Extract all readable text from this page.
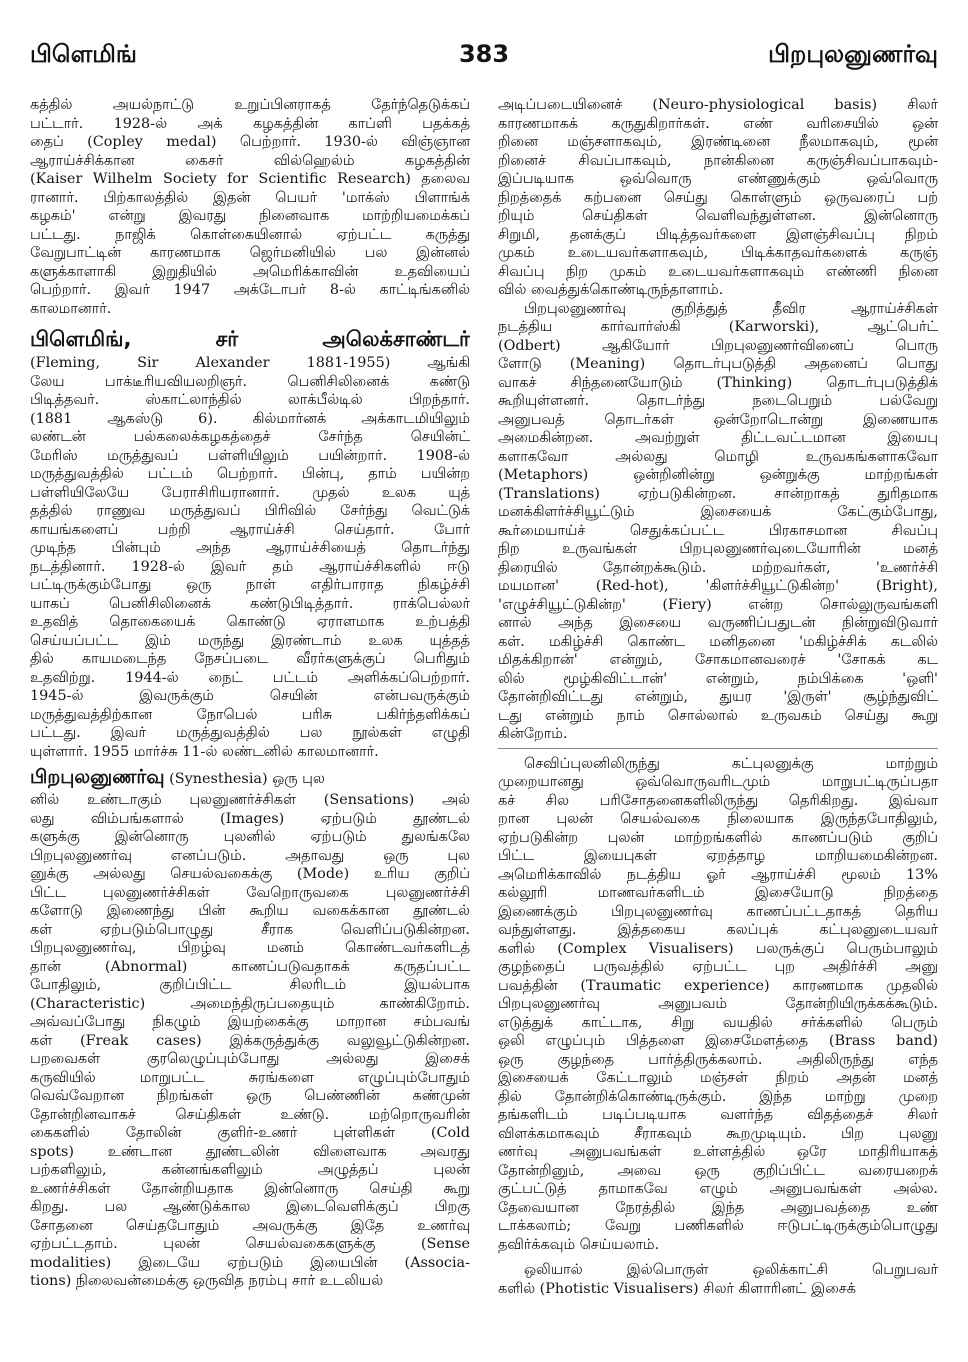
பிளெமிங்	383	பிறபுலனுணர்வு
கத்தில் அயல்நாட்டு உறுப்பினராகத் தேர்ந்தெடுக்கப்
பட்டார். 1928-ல் அக் கழகத்தின் காப்ளி பதக்கத்
தைப் (Copley medal) பெற்றார். 1930-ல் விஞ்ஞான
ஆராய்ச்சிக்கான கைசர் வில்ஹெல்ம் கழகத்தின்
(Kaiser Wilhelm Society for Scientific Research) தலைவ
ரானார். பிற்காலத்தில் இதன் பெயர் 'மாக்ஸ் பிளாங்க்
கழகம்' என்று இவரது நினைவாக மாற்றியமைக்கப்
பட்டது. நாஜிக் கொள்கையினால் ஏற்பட்ட கருத்து
வேறுபாட்டின் காரணமாக ஜெர்மனியில் பல இன்னல்
களுக்காளாகி இறுதியில் அமெரிக்காவின் உதவியைப்
பெற்றார். இவர் 1947 அக்டோபர் 8-ல் காட்டிங்கனில்
காலமானார்.
பிளெமிங், சர் அலெக்சாண்டர்
(Fleming, Sir Alexander 1881-1955) ஆங்கி
லேய பாக்டீரியவியலறிஞர். பெனிசிலினைக் கண்டு
பிடித்தவர். ஸ்காட்லாந்தில் லாக்பீல்டில் பிறந்தார்.
(1881 ஆகஸ்டு 6). கில்மார்னக் அக்காடமியிலும்
லண்டன் பல்கலைக்கழகத்தைச் சேர்ந்த செயின்ட்
மேரிஸ் மருத்துவப் பள்ளியிலும் பயின்றார். 1908-ல்
மருத்துவத்தில் பட்டம் பெற்றார். பின்பு, தாம் பயின்ற
பள்ளியிலேயே பேராசிரியரானார். முதல் உலக யுத்
தத்தில் ராணுவ மருத்துவப் பிரிவில் சேர்ந்து வெட்டுக்
காயங்களைப் பற்றி ஆராய்ச்சி செய்தார். போர்
முடிந்த பின்பும் அந்த ஆராய்ச்சியைத் தொடர்ந்து
நடத்தினார். 1928-ல் இவர் தம் ஆராய்ச்சிகளில் ஈடு
பட்டிருக்கும்போது ஒரு நாள் எதிர்பாராத நிகழ்ச்சி
யாகப் பெனிசிலினைக் கண்டுபிடித்தார். ராக்பெல்லர்
உதவித் தொகையைக் கொண்டு ஏராளமாக உற்பத்தி
செய்யப்பட்ட இம் மருந்து இரண்டாம் உலக யுத்தத்
தில் காயமடைந்த நேசப்படை வீரர்களுக்குப் பெரிதும்
உதவிற்று. 1944-ல் நைட் பட்டம் அளிக்கப்பெற்றார்.
1945-ல் இவருக்கும் செயின் என்பவருக்கும்
மருத்துவத்திற்கான நோபெல் பரிசு பகிர்ந்தளிக்கப்
பட்டது. இவர் மருத்துவத்தில் பல நூல்கள் எழுதி
யுள்ளார். 1955 மார்ச்சு 11-ல் லண்டனில் காலமானார்.
பிறபுலனுணர்வு (Synesthesia) ஒரு புல
னில் உண்டாகும் புலனுணர்ச்சிகள் (Sensations) அல்
லது விம்பங்களால் (Images) ஏற்படும் தூண்டல்
களுக்கு இன்னொரு புலனில் ஏற்படும் துலங்கலே
பிறபுலனுணர்வு எனப்படும். அதாவது ஒரு புல
னுக்கு அல்லது செயல்வகைக்கு (Mode) உரிய குறிப்
பிட்ட புலனுணர்ச்சிகள் வேறொருவகை புலனுணர்ச்சி
களோடு இணைந்து பின் கூறிய வகைக்கான தூண்டல்
கள் ஏற்படும்பொழுது சீராக வெளிப்படுகின்றன.
பிறபுலனுணர்வு, பிறழ்வு மனம் கொண்டவர்களிடத்
தான் (Abnormal) காணப்படுவதாகக் கருதப்பட்ட
போதிலும், குறிப்பிட்ட சிலரிடம் இயல்பாக
(Characteristic) அமைந்திருப்பதையும் காண்கிறோம்.
அவ்வப்போது நிகழும் இயற்கைக்கு மாறான சம்பவங்
கள் (Freak cases) இக்கருத்துக்கு வலுவூட்டுகின்றன.
பறவைகள் குரலெழுப்பும்போது அல்லது இசைக்
கருவியில் மாறுபட்ட சுரங்களை எழுப்பும்போதும்
வெவ்வேறான நிறங்கள் ஒரு பெண்ணின் கண்முன்
தோன்றினவாகச் செய்திகள் உண்டு. மற்றொருவரின்
கைகளில் தோலின் குளிர்-உணர் புள்ளிகள் (Cold
spots) உண்டான தூண்டலின் விளைவாக அவரது
பற்களிலும், கன்னங்களிலும் அழுத்தப் புலன்
உணர்ச்சிகள் தோன்றியதாக இன்னொரு செய்தி கூறு
கிறது. பல ஆண்டுக்கால இடைவெளிக்குப் பிறகு
சோதனை செய்தபோதும் அவருக்கு இதே உணர்வு
ஏற்பட்டதாம். புலன் செயல்வகைகளுக்கு (Sense
modalities) இடையே ஏற்படும் இயைபின் (Associa-
tions) நிலைவன்மைக்கு ஒருவித நரம்பு சார் உடலியல்
அடிப்படையினைச் (Neuro-physiological basis) சிலர்
காரணமாகக் கருதுகிறார்கள். எண் வரிசையில் ஒன்
றினை மஞ்சளாகவும், இரண்டினை நீலமாகவும், மூன்
றினைச் சிவப்பாகவும், நான்கினை கருஞ்சிவப்பாகவும்-
இப்படியாக ஒவ்வொரு எண்ணுக்கும் ஒவ்வொரு
நிறத்தைக் கற்பனை செய்து கொள்ளும் ஒருவரைப் பற்
றியும் செய்திகள் வெளிவந்துள்ளன. இன்னொரு
சிறுமி, தனக்குப் பிடித்தவர்களை இளஞ்சிவப்பு நிறம்
முகம் உடையவர்களாகவும், பிடிக்காதவர்களைக் கருஞ்
சிவப்பு நிற முகம் உடையவர்களாகவும் எண்ணி நினை
வில் வைத்துக்கொண்டிருந்தாளாம்.
பிறபுலனுணர்வு குறித்துத் தீவிர ஆராய்ச்சிகள்
நடத்திய கார்வார்ஸ்கி (Karworski), ஆட்பெர்ட்
(Odbert) ஆகியோர் பிறபுலனுணர்வினைப் பொரு
ளோடு (Meaning) தொடர்புபடுத்தி அதனைப் பொது
வாகச் சிந்தனையோடும் (Thinking) தொடர்புபடுத்திக்
கூறியுள்ளனர். தொடர்ந்து நடைபெறும் பல்வேறு
அனுபவத் தொடர்கள் ஒன்றோடொன்று இணையாக
அமைகின்றன. அவற்றுள் திட்டவட்டமான இயைபு
களாகவோ அல்லது மொழி உருவகங்களாகவோ
(Metaphors) ஒன்றினின்று ஒன்றுக்கு மாற்றங்கள்
(Translations) ஏற்படுகின்றன. சான்றாகத் துரிதமாக
மனக்கிளர்ச்சியூட்டும் இசையைக் கேட்கும்போது,
கூர்மையாய்ச் செதுக்கப்பட்ட பிரகாசமான சிவப்பு
நிற உருவங்கள் பிறபுலனுணர்வுடையோரின் மனத்
திரையில் தோன்றக்கூடும். மற்றவர்கள், 'உணர்ச்சி
மயமான' (Red-hot), 'கிளர்ச்சியூட்டுகின்ற' (Bright),
'எழுச்சியூட்டுகின்ற' (Fiery) என்ற சொல்லுருவங்களி
னால் அந்த இசையை வருணிப்பதுடன் நின்றுவிடுவார்
கள். மகிழ்ச்சி கொண்ட மனிதனை 'மகிழ்ச்சிக் கடலில்
மிதக்கிறான்' என்றும், சோகமானவரைச் 'சோகக் கட
லில் மூழ்கிவிட்டான்' என்றும், நம்பிக்கை 'ஒளி'
தோன்றிவிட்டது என்றும், துயர 'இருள்' சூழ்ந்துவிட்
டது என்றும் நாம் சொல்லால் உருவகம் செய்து கூறு
கின்றோம்.
செவிப்புலனிலிருந்து கட்புலனுக்கு மாற்றும்
முறையானது ஒவ்வொருவரிடமும் மாறுபட்டிருப்பதா
கச் சில பரிசோதனைகளிலிருந்து தெரிகிறது. இவ்வா
றான புலன் செயல்வகை நிலையாக இருந்தபோதிலும்,
ஏற்படுகின்ற புலன் மாற்றங்களில் காணப்படும் குறிப்
பிட்ட இயைபுகள் ஏறத்தாழ மாறியமைகின்றன.
அமெரிக்காவில் நடத்திய ஓர் ஆராய்ச்சி மூலம் 13%
கல்லூரி மாணவர்களிடம் இசையோடு நிறத்தை
இணைக்கும் பிறபுலனுணர்வு காணப்பட்டதாகத் தெரிய
வந்துள்ளது. இத்தகைய கலப்புக் கட்புலனுடையவர்
களில் (Complex Visualisers) பலருக்குப் பெரும்பாலும்
குழந்தைப் பருவத்தில் ஏற்பட்ட புற அதிர்ச்சி அனு
பவத்தின் (Traumatic experience) காரணமாக முதலில்
பிறபுலனுணர்வு அனுபவம் தோன்றியிருக்கக்கூடும்.
எடுத்துக் காட்டாக, சிறு வயதில் சர்க்களில் பெரும்
ஒலி எழுப்பும் பித்தளை இசைமேளத்தை (Brass band)
ஒரு குழந்தை பார்த்திருக்கலாம். அதிலிருந்து எந்த
இசையைக் கேட்டாலும் மஞ்சள் நிறம் அதன் மனத்
தில் தோன்றிக்கொண்டிருக்கும். இந்த மாற்று முறை
தங்களிடம் படிப்படியாக வளர்ந்த விதத்தைச் சிலர்
விளக்கமாகவும் சீராகவும் கூறமுடியும். பிற புலனு
ணர்வு அனுபவங்கள் உள்ளத்தில் ஒரே மாதிரியாகத்
தோன்றினும், அவை ஒரு குறிப்பிட்ட வரையறைக்
குட்பட்டுத் தாமாகவே எழும் அனுபவங்கள் அல்ல.
தேவையான நேரத்தில் இந்த அனுபவத்தை உண்
டாக்கலாம்; வேறு பணிகளில் ஈடுபட்டிருக்கும்பொழுது
தவிர்க்கவும் செய்யலாம்.
ஒலியால் இல்பொருள் ஒலிக்காட்சி பெறுபவர்
களில் (Photistic Visualisers) சிலர் கிளாரினட் இசைக்
